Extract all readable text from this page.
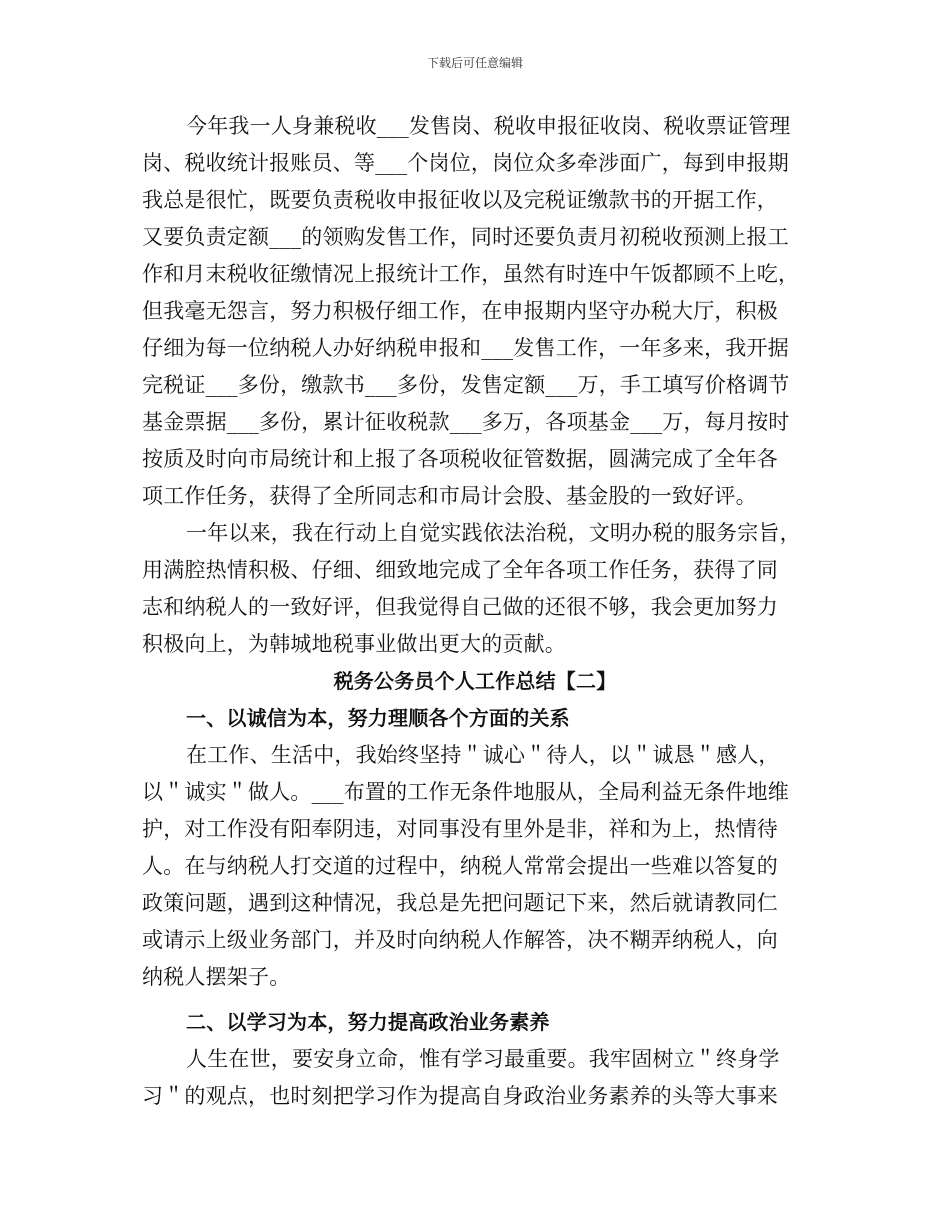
下载后可任意编辑
今年我一人身兼税收___发售岗、税收申报征收岗、税收票证管理
岗、税收统计报账员、等___个岗位，岗位众多牵涉面广，每到申报期
我总是很忙，既要负责税收申报征收以及完税证缴款书的开据工作，
又要负责定额___的领购发售工作，同时还要负责月初税收预测上报工
作和月末税收征缴情况上报统计工作，虽然有时连中午饭都顾不上吃，
但我毫无怨言，努力积极仔细工作，在申报期内坚守办税大厅，积极
仔细为每一位纳税人办好纳税申报和___发售工作，一年多来，我开据
完税证___多份，缴款书___多份，发售定额___万，手工填写价格调节
基金票据___多份，累计征收税款___多万，各项基金___万，每月按时
按质及时向市局统计和上报了各项税收征管数据，圆满完成了全年各
项工作任务，获得了全所同志和市局计会股、基金股的一致好评。
一年以来，我在行动上自觉实践依法治税，文明办税的服务宗旨，
用满腔热情积极、仔细、细致地完成了全年各项工作任务，获得了同
志和纳税人的一致好评，但我觉得自己做的还很不够，我会更加努力
积极向上，为韩城地税事业做出更大的贡献。
税务公务员个人工作总结【二】
一、以诚信为本，努力理顺各个方面的关系
在工作、生活中，我始终坚持＂诚心＂待人，以＂诚恳＂感人，
以＂诚实＂做人。___布置的工作无条件地服从，全局利益无条件地维
护，对工作没有阳奉阴违，对同事没有里外是非，祥和为上，热情待
人。在与纳税人打交道的过程中，纳税人常常会提出一些难以答复的
政策问题，遇到这种情况，我总是先把问题记下来，然后就请教同仁
或请示上级业务部门，并及时向纳税人作解答，决不糊弄纳税人，向
纳税人摆架子。
二、以学习为本，努力提高政治业务素养
人生在世，要安身立命，惟有学习最重要。我牢固树立＂终身学
习＂的观点，也时刻把学习作为提高自身政治业务素养的头等大事来
